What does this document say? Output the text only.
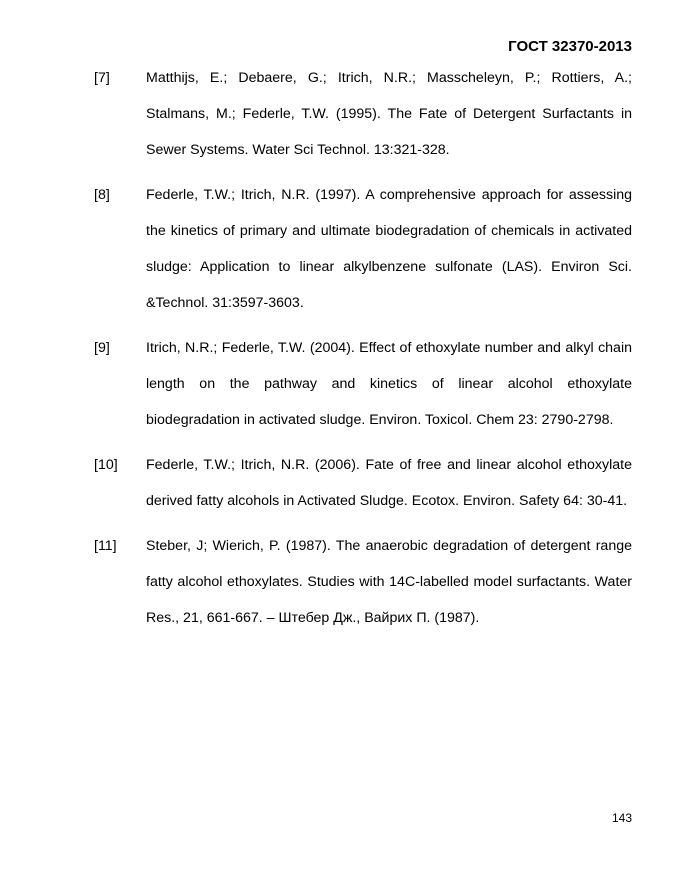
ГОСТ 32370-2013
[7]	Matthijs, E.; Debaere, G.; Itrich, N.R.; Masscheleyn, P.; Rottiers, A.; Stalmans, M.; Federle, T.W. (1995). The Fate of Detergent Surfactants in Sewer Systems. Water Sci Technol. 13:321-328.
[8]	Federle, T.W.; Itrich, N.R. (1997). A comprehensive approach for assessing the kinetics of primary and ultimate biodegradation of chemicals in activated sludge: Application to linear alkylbenzene sulfonate (LAS). Environ Sci. &Technol. 31:3597-3603.
[9]	Itrich, N.R.; Federle, T.W. (2004). Effect of ethoxylate number and alkyl chain length on the pathway and kinetics of linear alcohol ethoxylate biodegradation in activated sludge. Environ. Toxicol. Chem 23: 2790-2798.
[10]	Federle, T.W.; Itrich, N.R. (2006). Fate of free and linear alcohol ethoxylate derived fatty alcohols in Activated Sludge. Ecotox. Environ. Safety 64: 30-41.
[11]	Steber, J; Wierich, P. (1987). The anaerobic degradation of detergent range fatty alcohol ethoxylates. Studies with 14C-labelled model surfactants. Water Res., 21, 661-667. – Штебер Дж., Вайрих П. (1987).
143
